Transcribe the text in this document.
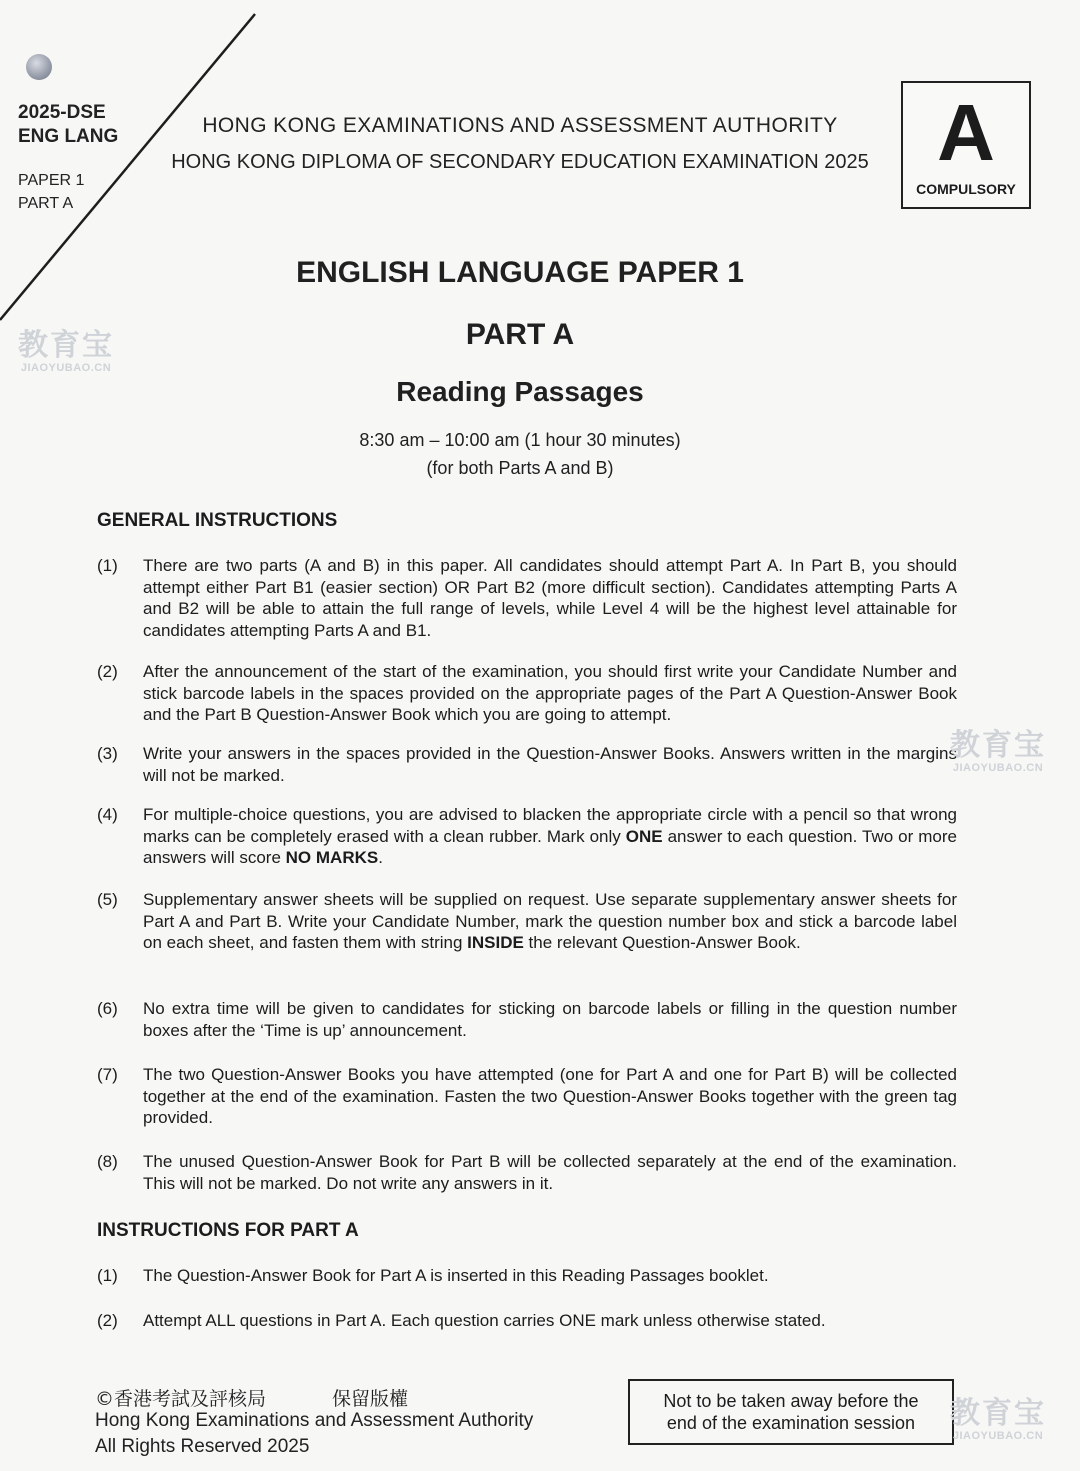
2025-DSE
ENG LANG
PAPER 1
PART A
HONG KONG EXAMINATIONS AND ASSESSMENT AUTHORITY
HONG KONG DIPLOMA OF SECONDARY EDUCATION EXAMINATION 2025 A
COMPULSORY
ENGLISH LANGUAGE PAPER 1
PART A
Reading Passages
8:30 am – 10:00 am (1 hour 30 minutes)
(for both Parts A and B)
GENERAL INSTRUCTIONS
(1)	There are two parts (A and B) in this paper. All candidates should attempt Part A. In Part B, you should attempt either Part B1 (easier section) OR Part B2 (more difficult section). Candidates attempting Parts A and B2 will be able to attain the full range of levels, while Level 4 will be the highest level attainable for candidates attempting Parts A and B1.
(2)	After the announcement of the start of the examination, you should first write your Candidate Number and stick barcode labels in the spaces provided on the appropriate pages of the Part A Question-Answer Book and the Part B Question-Answer Book which you are going to attempt.
(3)	Write your answers in the spaces provided in the Question-Answer Books. Answers written in the margins will not be marked.
(4)	For multiple-choice questions, you are advised to blacken the appropriate circle with a pencil so that wrong marks can be completely erased with a clean rubber. Mark only ONE answer to each question. Two or more answers will score NO MARKS.
(5)	Supplementary answer sheets will be supplied on request. Use separate supplementary answer sheets for Part A and Part B. Write your Candidate Number, mark the question number box and stick a barcode label on each sheet, and fasten them with string INSIDE the relevant Question-Answer Book.
(6)	No extra time will be given to candidates for sticking on barcode labels or filling in the question number boxes after the ‘Time is up’ announcement.
(7)	The two Question-Answer Books you have attempted (one for Part A and one for Part B) will be collected together at the end of the examination. Fasten the two Question-Answer Books together with the green tag provided.
(8)	The unused Question-Answer Book for Part B will be collected separately at the end of the examination. This will not be marked. Do not write any answers in it.
INSTRUCTIONS FOR PART A
(1)	The Question-Answer Book for Part A is inserted in this Reading Passages booklet.
(2)	Attempt ALL questions in Part A. Each question carries ONE mark unless otherwise stated.
©香港考試及評核局	保留版權
Hong Kong Examinations and Assessment Authority
All Rights Reserved 2025
Not to be taken away before the
end of the examination session
教育宝
JIAOYUBAO.CN
教育宝
JIAOYUBAO.CN
教育宝
JIAOYUBAO.CN
